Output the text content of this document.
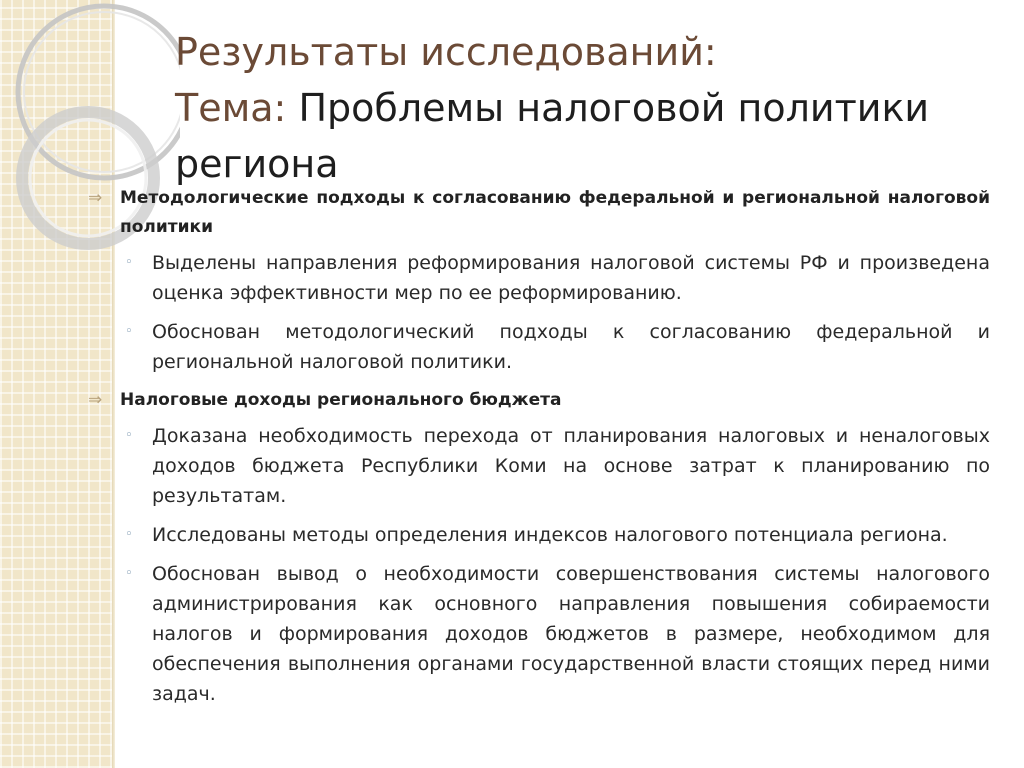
Результаты исследований:
Тема: Проблемы налоговой политики
региона
⇒	Методологические подходы к согласованию федеральной и региональной налоговой политики
◦ Выделены направления реформирования налоговой системы РФ и произведена оценка эффективности мер по ее реформированию.
◦ Обоснован методологический подходы к согласованию федеральной и региональной налоговой политики.
⇒	Налоговые доходы регионального бюджета
◦ Доказана необходимость перехода от планирования налоговых и неналоговых доходов бюджета Республики Коми на основе затрат к планированию по результатам.
◦ Исследованы методы определения индексов налогового потенциала региона.
◦ Обоснован вывод о необходимости совершенствования системы налогового администрирования как основного направления повышения собираемости налогов и формирования доходов бюджетов в размере, необходимом для обеспечения выполнения органами государственной власти стоящих перед ними задач.
